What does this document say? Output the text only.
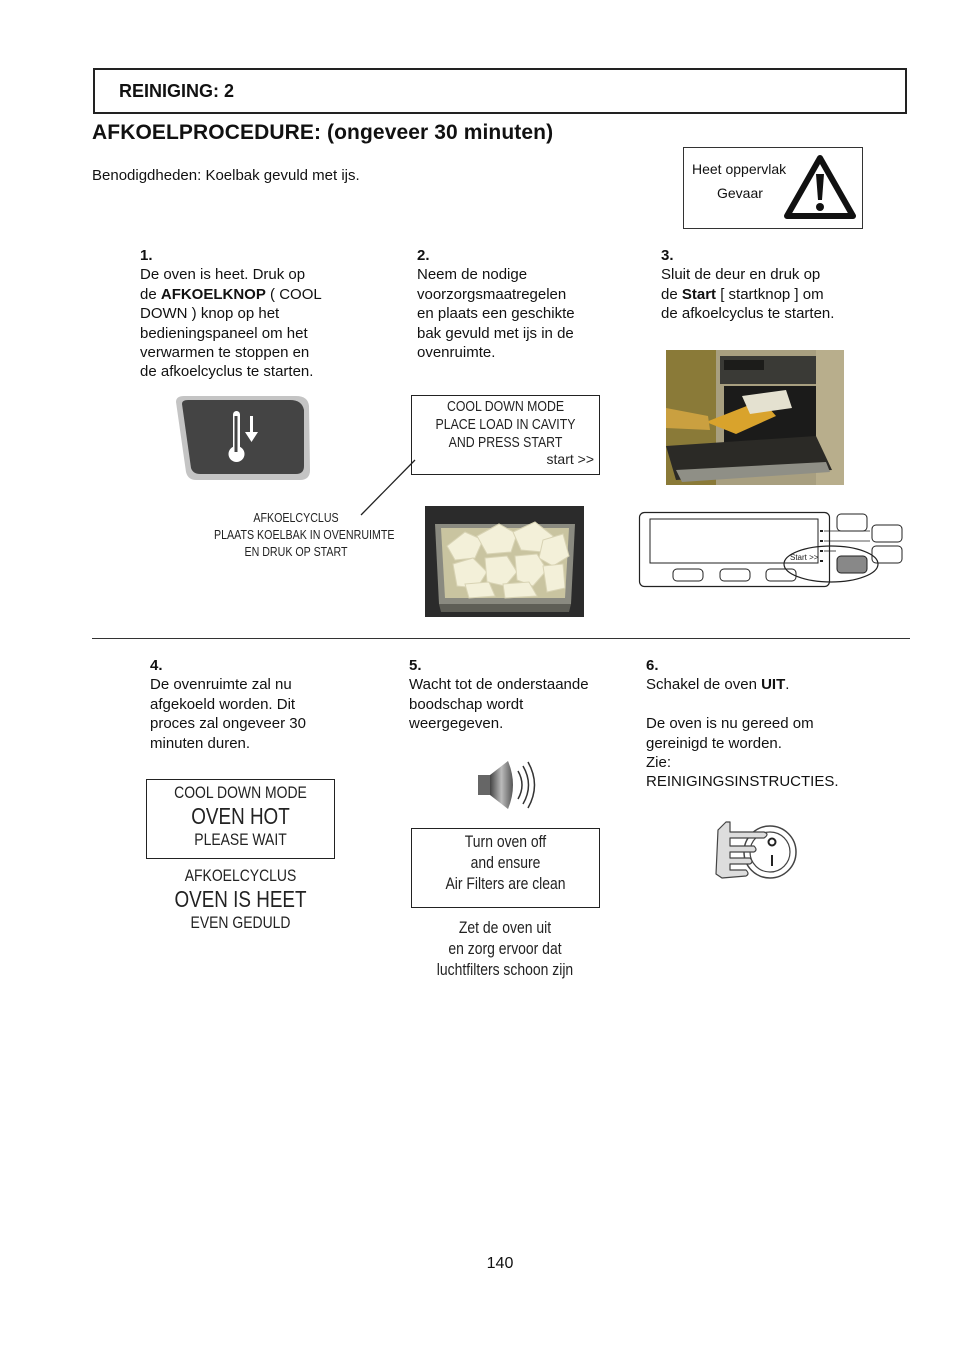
REINIGING: 2
AFKOELPROCEDURE: (ongeveer 30 minuten)
Benodigdheden: Koelbak gevuld met ijs.	Heet oppervlak
Gevaar
1.
De oven is heet. Druk op
de AFKOELKNOP ( COOL
DOWN ) knop op het
bedieningspaneel om het
verwarmen te stoppen en
de afkoelcyclus te starten.
2.
Neem de nodige
voorzorgsmaatregelen
en plaats een geschikte
bak gevuld met ijs in de
ovenruimte.
COOL DOWN MODE
PLACE LOAD IN CAVITY
AND PRESS START
start >>
AFKOELCYCLUS
PLAATS KOELBAK IN OVENRUIMTE
EN DRUK OP START
3.
Sluit de deur en druk op
de Start [ startknop ] om
de afkoelcyclus te starten.
Start >>
4.
De ovenruimte zal nu
afgekoeld worden. Dit
proces zal ongeveer 30
minuten duren.
COOL DOWN MODE
OVEN HOT
PLEASE WAIT
AFKOELCYCLUS
OVEN IS HEET
EVEN GEDULD
5.
Wacht tot de onderstaande
boodschap wordt
weergegeven.
Turn oven off
and ensure
Air Filters are clean
Zet de oven uit
en zorg ervoor dat
luchtfilters schoon zijn
6.
Schakel de oven UIT.
De oven is nu gereed om
gereinigd te worden.
Zie:
REINIGINGSINSTRUCTIES.
140
